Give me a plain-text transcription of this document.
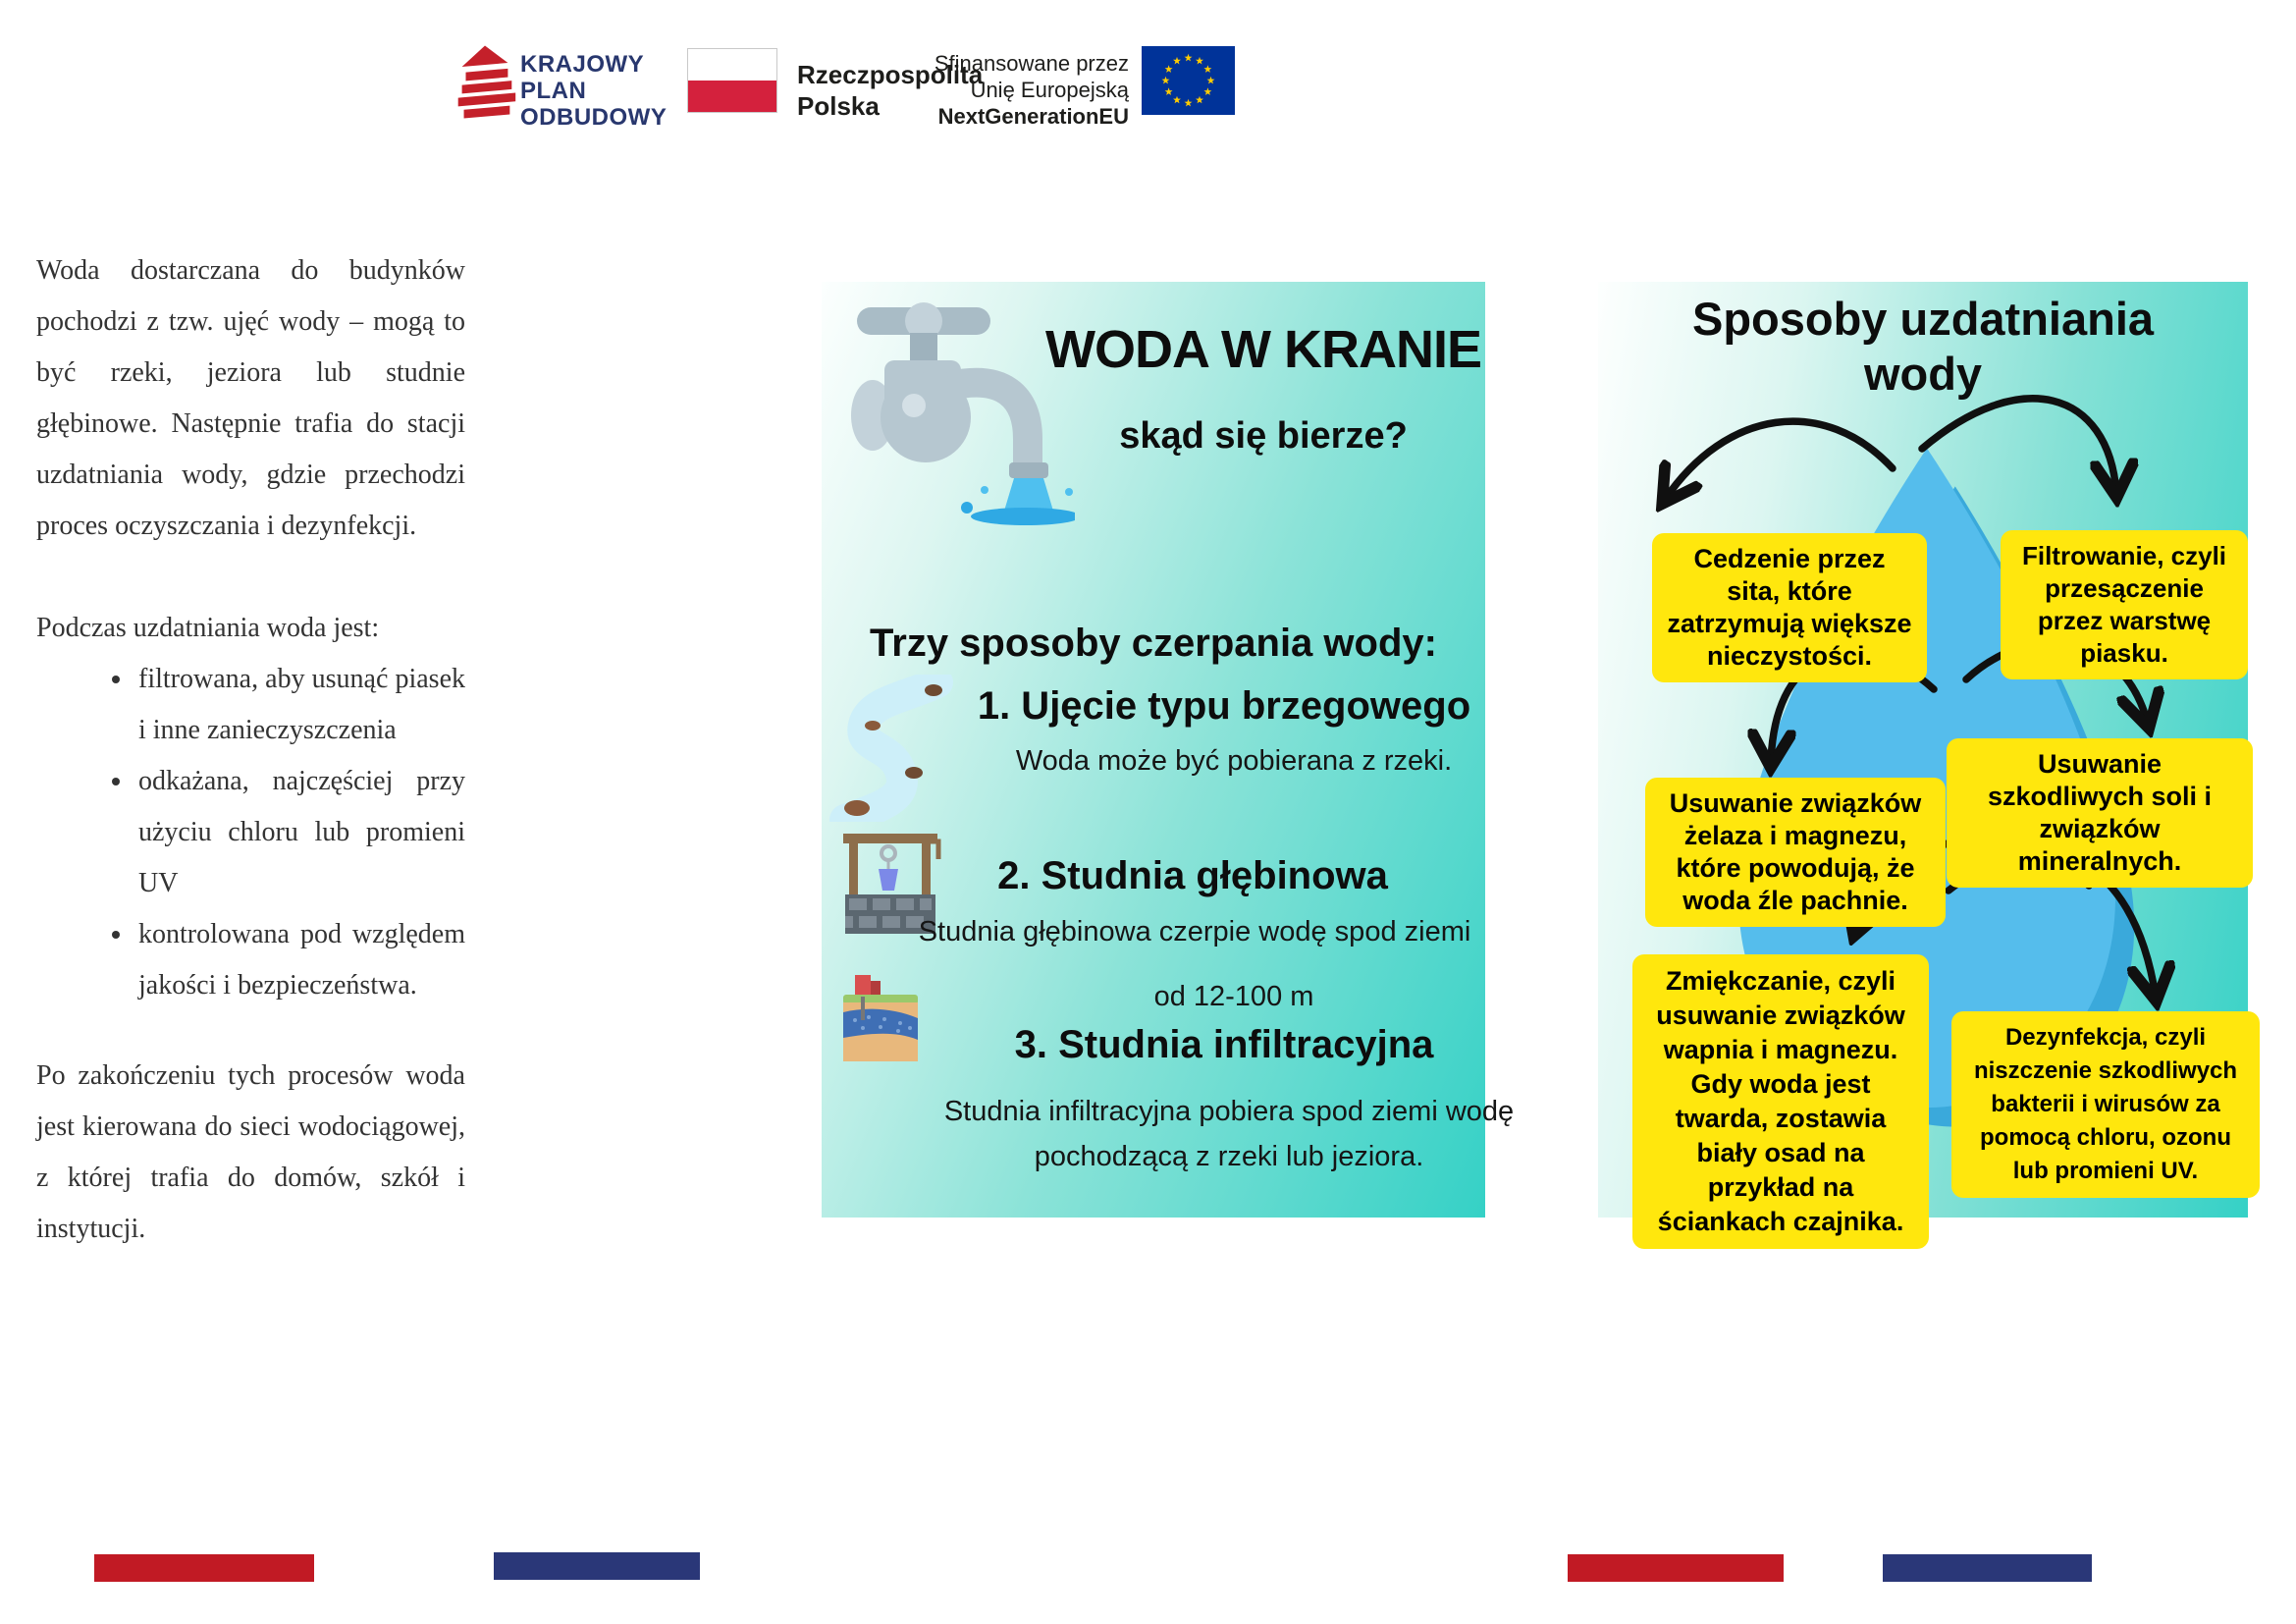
KRAJOWY
PLAN
ODBUDOWY
Rzeczpospolita
Polska
Sfinansowane przez
Unię Europejską
NextGenerationEU

Woda dostarczana do budynków pochodzi z tzw. ujęć wody – mogą to być rzeki, jeziora lub studnie głębinowe. Następnie trafia do stacji uzdatniania wody, gdzie przechodzi proces oczyszczania i dezynfekcji.

Podczas uzdatniania woda jest:

• filtrowana, aby usunąć piasek i inne zanieczyszczenia
• odkażana, najczęściej przy użyciu chloru lub promieni UV
• kontrolowana pod względem jakości i bezpieczeństwa.

Po zakończeniu tych procesów woda jest kierowana do sieci wodociągowej, z której trafia do domów, szkół i instytucji.

WODA W KRANIE
skąd się bierze?
Trzy sposoby czerpania wody:
1. Ujęcie typu brzegowego
Woda może być pobierana z rzeki.
2. Studnia głębinowa
Studnia głębinowa czerpie wodę spod ziemi
od 12-100 m
3. Studnia infiltracyjna
Studnia infiltracyjna pobiera spod ziemi wodę pochodzącą z rzeki lub jeziora.
Sposoby uzdatniania
wody
Cedzenie przez sita, które zatrzymują większe nieczystości.
Filtrowanie, czyli przesączenie przez warstwę piasku.
Usuwanie szkodliwych soli i związków mineralnych.
Usuwanie związków żelaza i magnezu, które powodują, że woda źle pachnie.
Zmiękczanie, czyli usuwanie związków wapnia i magnezu. Gdy woda jest twarda, zostawia biały osad na przykład na ściankach czajnika.
Dezynfekcja, czyli niszczenie szkodliwych bakterii i wirusów za pomocą chloru, ozonu lub promieni UV.
